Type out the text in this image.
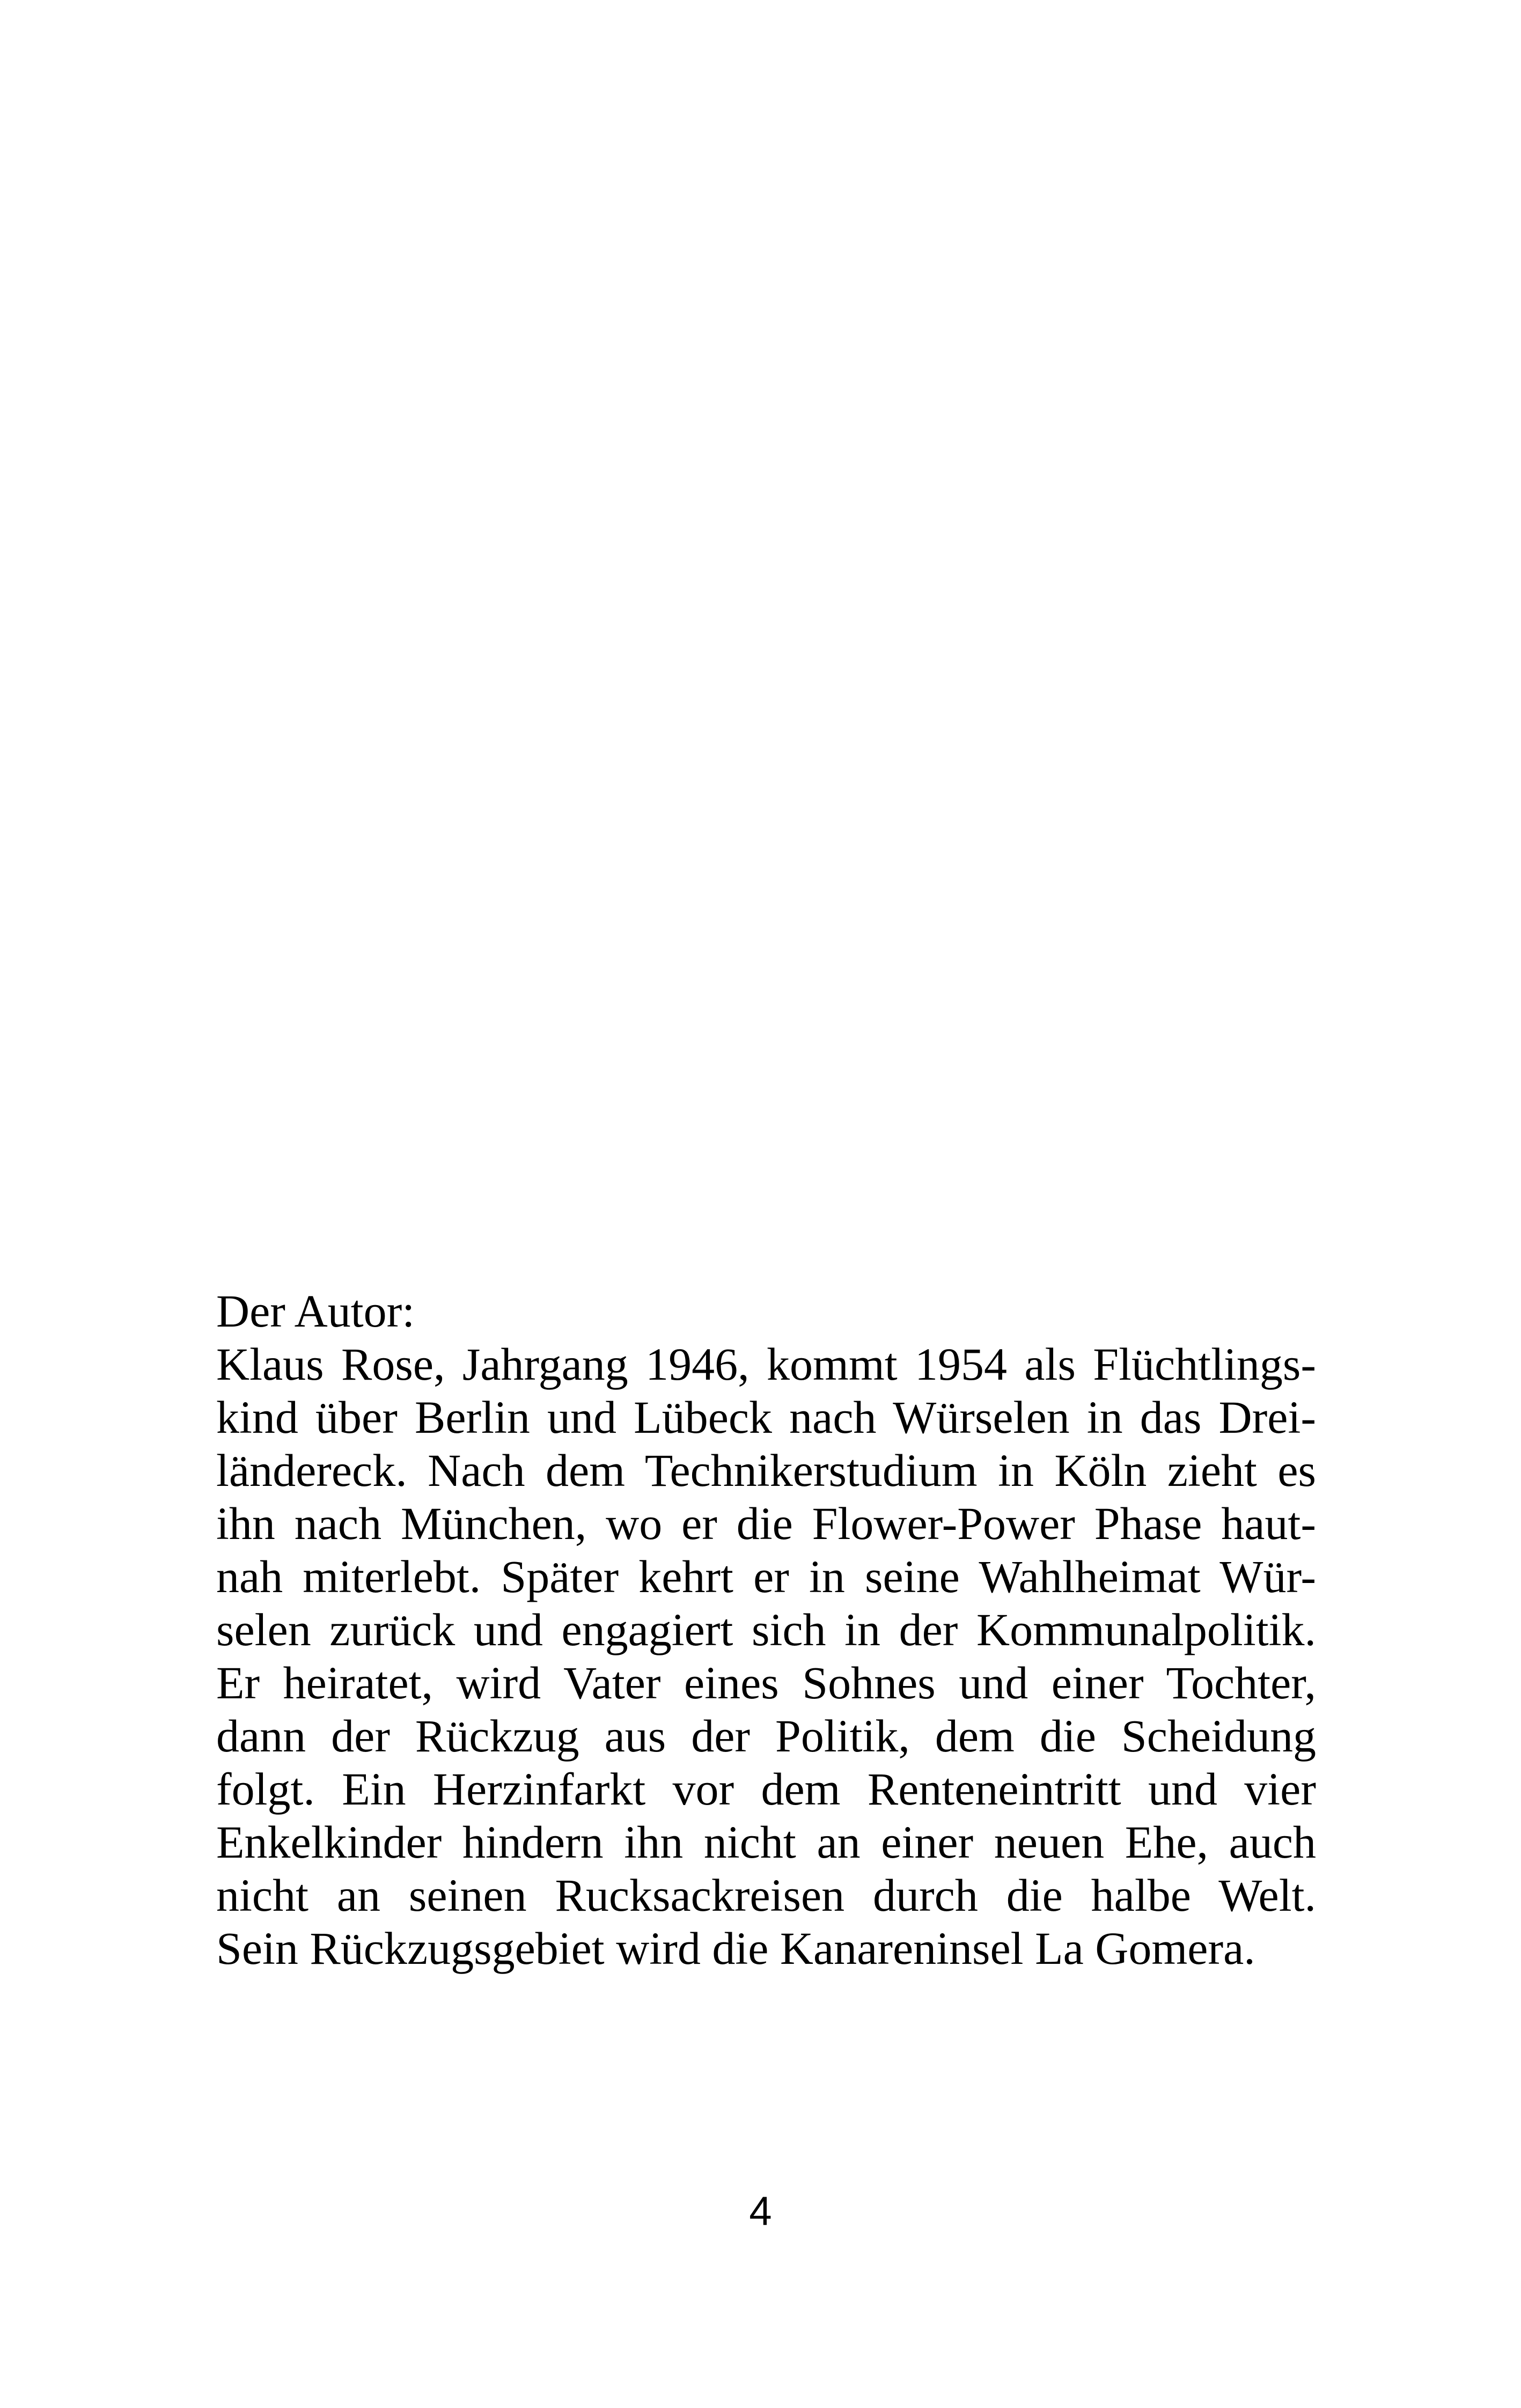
Der Autor:
Klaus Rose, Jahrgang 1946, kommt 1954 als Flüchtlings-
kind über Berlin und Lübeck nach Würselen in das Drei-
ländereck. Nach dem Technikerstudium in Köln zieht es
ihn nach München, wo er die Flower-Power Phase haut-
nah miterlebt. Später kehrt er in seine Wahlheimat Wür-
selen zurück und engagiert sich in der Kommunalpolitik.
Er heiratet, wird Vater eines Sohnes und einer Tochter,
dann der Rückzug aus der Politik, dem die Scheidung
folgt. Ein Herzinfarkt vor dem Renteneintritt und vier
Enkelkinder hindern ihn nicht an einer neuen Ehe, auch
nicht an seinen Rucksackreisen durch die halbe Welt.
Sein Rückzugsgebiet wird die Kanareninsel La Gomera.
4
